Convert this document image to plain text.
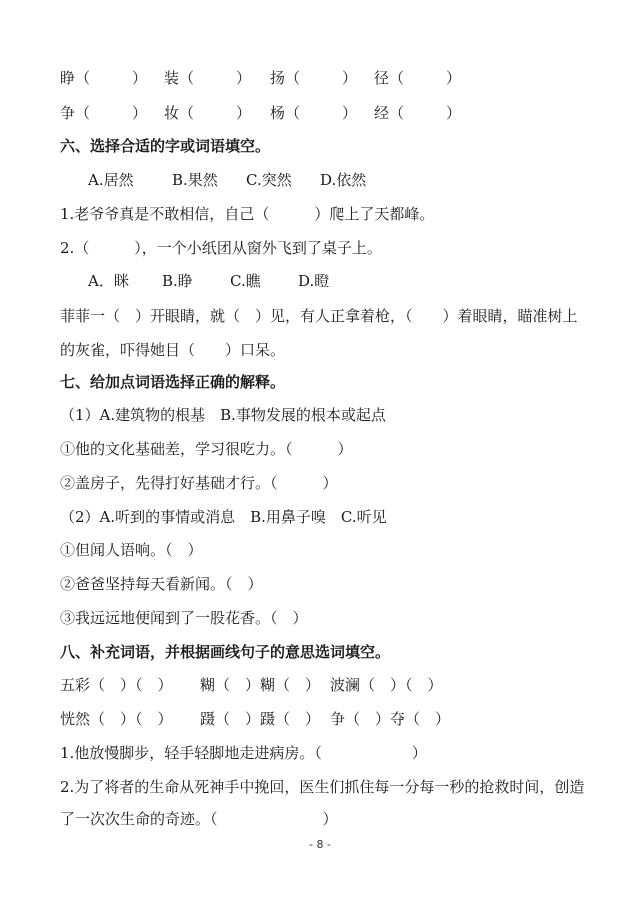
睁（	） 装（	） 扬（	） 径（	）
争（	） 妆（	） 杨（	） 经（	）
六、选择合适的字或词语填空。
A.居然	B.果然 C.突然 D.依然
1.老爷爷真是不敢相信，自己（　　　）爬上了天都峰。
2.（　　　），一个小纸团从窗外飞到了桌子上。
A．眯 B.睁 C.瞧 D.瞪
菲菲一（　）开眼睛，就（　）见，有人正拿着枪，（　　）着眼睛，瞄准树上
的灰雀，吓得她目（　　）口呆。
七、给加点词语选择正确的解释。
（1）A.建筑物的根基　B.事物发展的根本或起点
①他的文化基础差，学习很吃力。（　　　）
②盖房子，先得打好基础才行。（　　　）
（2）A.听到的事情或消息　B.用鼻子嗅　C.听见
①但闻人语响。（　）
②爸爸坚持每天看新闻。（　）
③我远远地便闻到了一股花香。（　）
八、补充词语，并根据画线句子的意思选词填空。
五彩（　）（　） 糊（　）糊（　） 波澜（　）（　）
恍然（　）（　） 蹑（　）蹑（　） 争（　）夺（　）
1.他放慢脚步，轻手轻脚地走进病房。（　　　　　　）
2.为了将者的生命从死神手中挽回，医生们抓住每一分每一秒的抢救时间，创造
了一次次生命的奇迹。（　　　　　　　）
- 8 -
